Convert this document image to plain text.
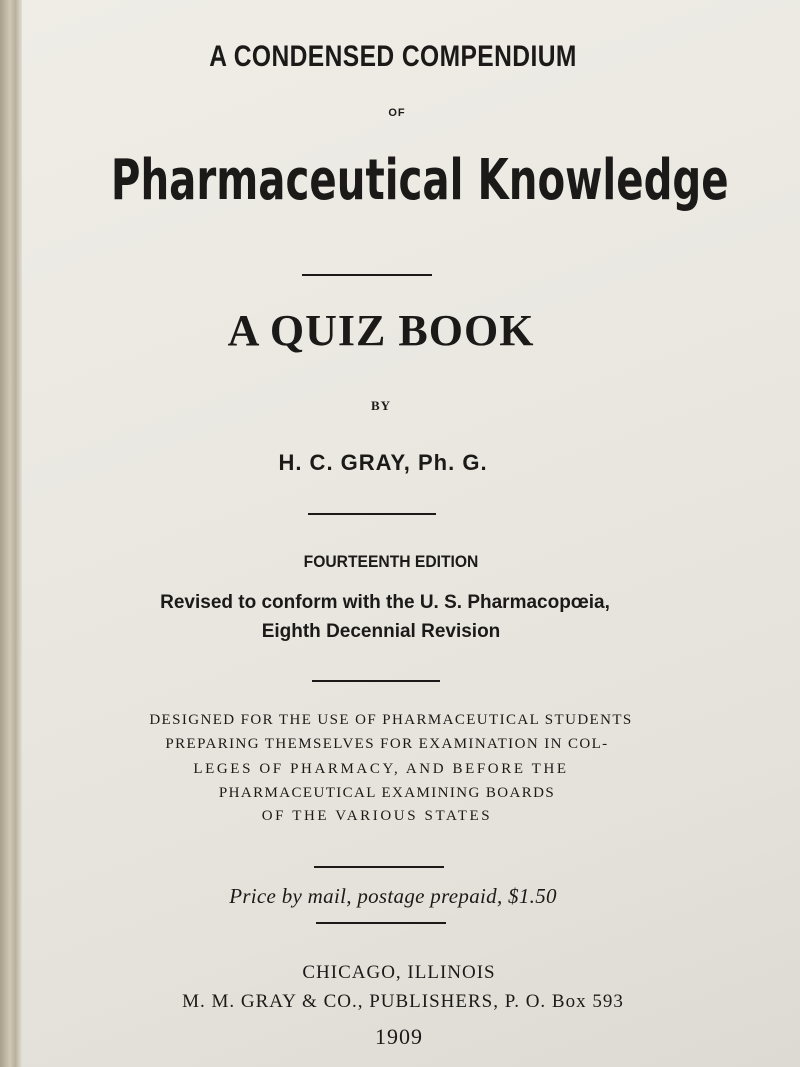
A CONDENSED COMPENDIUM

OF

Pharmaceutical Knowledge

A QUIZ BOOK

BY

H. C. GRAY, Ph. G.

FOURTEENTH EDITION

Revised to conform with the U. S. Pharmacopœia,

Eighth Decennial Revision

DESIGNED FOR THE USE OF PHARMACEUTICAL STUDENTS

PREPARING THEMSELVES FOR EXAMINATION IN COL-

LEGES OF PHARMACY, AND BEFORE THE

PHARMACEUTICAL EXAMINING BOARDS

OF THE VARIOUS STATES

Price by mail, postage prepaid, $1.50

CHICAGO, ILLINOIS

M. M. GRAY & CO., PUBLISHERS, P. O. Box 593

1909
